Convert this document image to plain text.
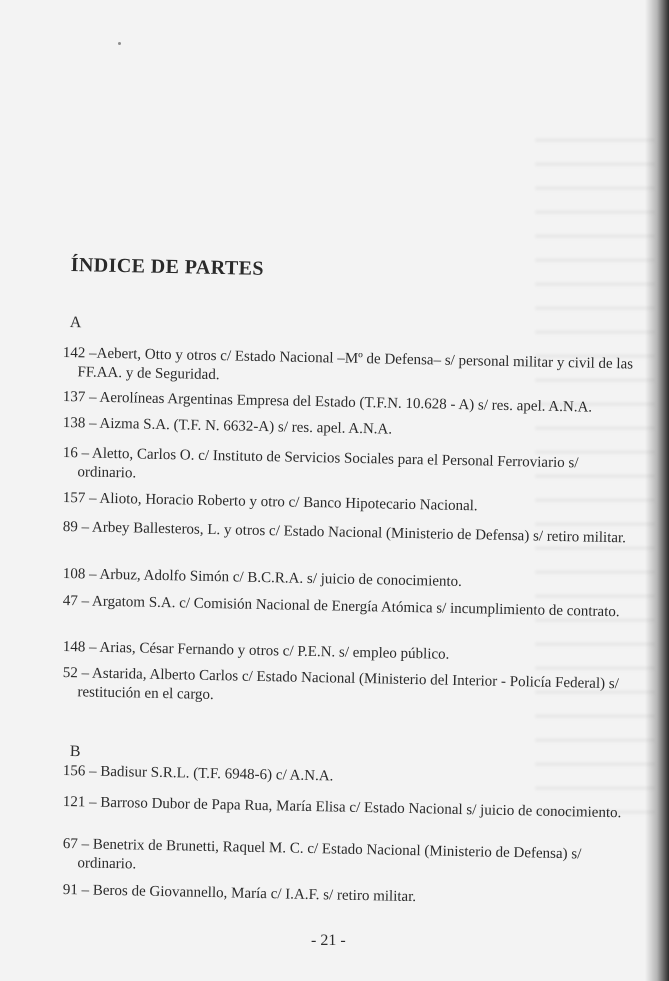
ÍNDICE DE PARTES
A
142 –Aebert, Otto y otros c/ Estado Nacional –Mº de Defensa– s/ personal militar y civil de las FF.AA. y de Seguridad.
137 – Aerolíneas Argentinas Empresa del Estado (T.F.N. 10.628 - A) s/ res. apel. A.N.A.
138 – Aizma S.A. (T.F. N. 6632-A) s/ res. apel. A.N.A.
16 – Aletto, Carlos O. c/ Instituto de Servicios Sociales para el Personal Ferroviario s/ ordinario.
157 – Alioto, Horacio Roberto y otro c/ Banco Hipotecario Nacional.
89 – Arbey Ballesteros, L. y otros c/ Estado Nacional (Ministerio de Defensa) s/ retiro militar.
108 – Arbuz, Adolfo Simón c/ B.C.R.A. s/ juicio de conocimiento.
47 – Argatom S.A. c/ Comisión Nacional de Energía Atómica s/ incumplimiento de contrato.
148 – Arias, César Fernando y otros c/ P.E.N. s/ empleo público.
52 – Astarida, Alberto Carlos c/ Estado Nacional (Ministerio del Interior - Policía Federal) s/ restitución en el cargo.
B
156 – Badisur S.R.L. (T.F. 6948-6) c/ A.N.A.
121 – Barroso Dubor de Papa Rua, María Elisa c/ Estado Nacional s/ juicio de conocimiento.
67 – Benetrix de Brunetti, Raquel M. C. c/ Estado Nacional (Ministerio de Defensa) s/ ordinario.
91 – Beros de Giovannello, María c/ I.A.F. s/ retiro militar.
- 21 -
